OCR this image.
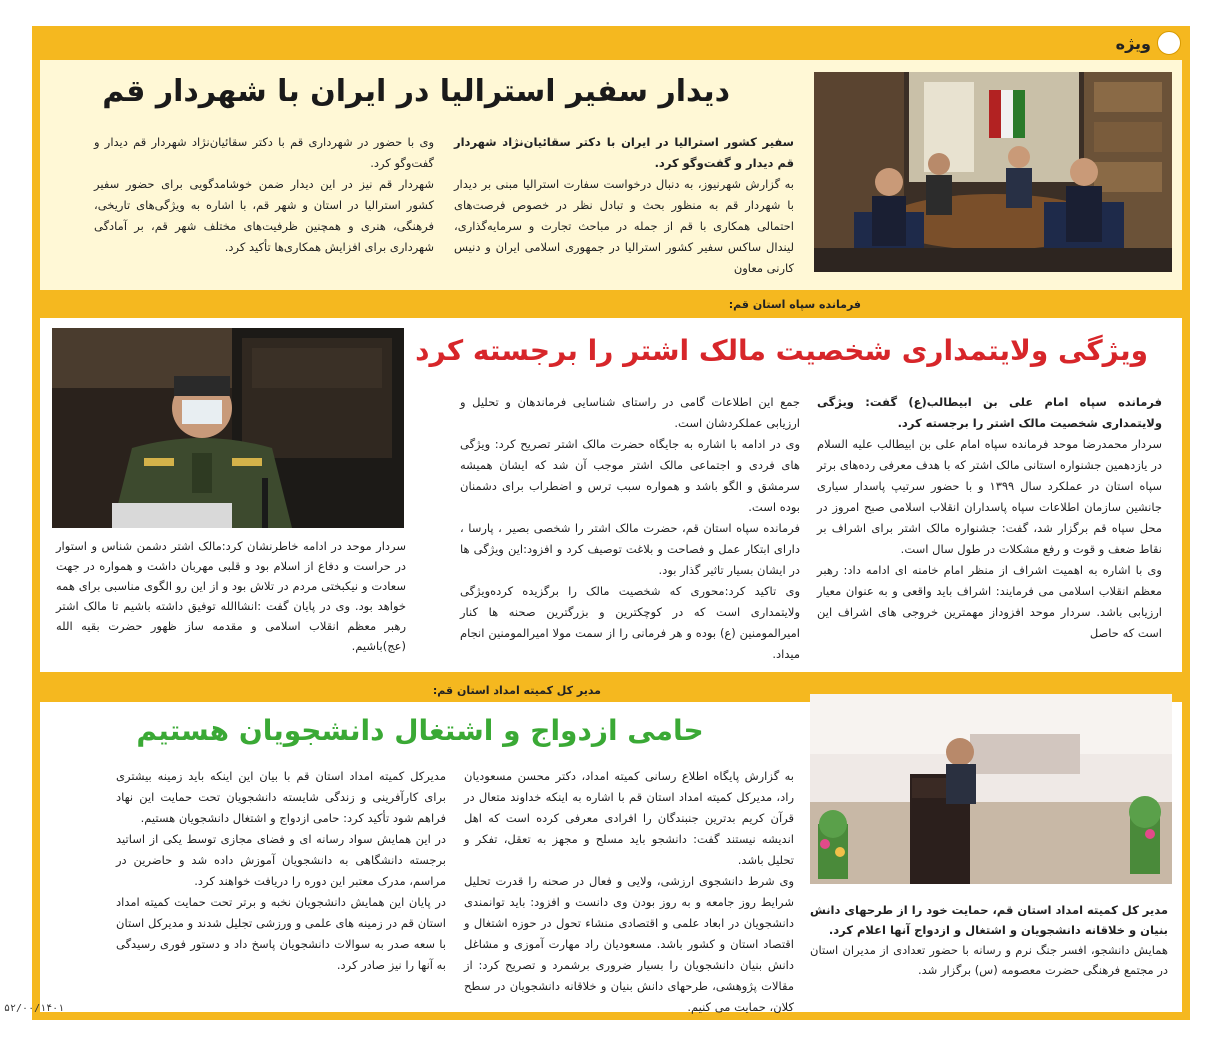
ویژه
دیدار سفیر استرالیا در ایران با شهردار قم

سفیر کشور استرالیا در ایران با دکتر سقائیان‌نژاد شهردار قم دیدار و گفت‌وگو کرد.

به گزارش شهرنیوز، به دنبال درخواست سفارت استرالیا مبنی بر دیدار با شهردار قم به منظور بحث و تبادل نظر در خصوص فرصت‌های احتمالی همکاری با قم از جمله در مباحث تجارت و سرمایه‌گذاری، لیندال ساکس سفیر کشور استرالیا در جمهوری اسلامی ایران و دنیس کارنی معاون

وی با حضور در شهرداری قم با دکتر سقائیان‌نژاد شهردار قم دیدار و گفت‌وگو کرد.

شهردار قم نیز در این دیدار ضمن خوشامدگویی برای حضور سفیر کشور استرالیا در استان و شهر قم، با اشاره به ویژگی‌های تاریخی، فرهنگی، هنری و همچنین ظرفیت‌های مختلف شهر قم، بر آمادگی شهرداری برای افزایش همکاری‌ها تأکید کرد.

فرمانده سپاه استان قم:
ویژگی ولایتمداری شخصیت مالک اشتر را برجسته کرد

فرمانده سپاه امام علی بن ابیطالب(ع) گفت: ویژگی ولایتمداری شخصیت مالک اشتر را برجسته کرد.

سردار محمدرضا موحد فرمانده سپاه امام علی بن ابیطالب علیه السلام در یازدهمین جشنواره استانی مالک اشتر که با هدف معرفی رده‌های برتر سپاه استان در عملکرد سال ۱۳۹۹ و با حضور سرتیپ پاسدار سیاری جانشین سازمان اطلاعات سپاه پاسداران انقلاب اسلامی صبح امروز در محل سپاه قم برگزار شد، گفت: جشنواره مالک اشتر برای اشراف بر نقاط ضعف و قوت و رفع مشکلات در طول سال است.

وی با اشاره به اهمیت اشراف از منظر امام خامنه ای ادامه داد: رهبر معظم انقلاب اسلامی می فرمایند: اشراف باید واقعی و به عنوان معیار ارزیابی باشد. سردار موحد افزوداز مهمترین خروجی های اشراف این است که حاصل

جمع این اطلاعات گامی در راستای شناسایی فرماندهان و تحلیل و ارزیابی عملکردشان است.

وی در ادامه با اشاره به جایگاه حضرت مالک اشتر تصریح کرد: ویژگی های فردی و اجتماعی مالک اشتر موجب آن شد که ایشان همیشه سرمشق و الگو باشد و همواره سبب ترس و اضطراب برای دشمنان بوده است.

فرمانده سپاه استان قم، حضرت مالک اشتر را شخصی بصیر ، پارسا ، دارای ابتکار عمل و فصاحت و بلاغت توصیف کرد و افزود:این ویژگی ها در ایشان بسیار تاثیر گذار بود.

وی تاکید کرد:محوری که شخصیت مالک را برگزیده کرده‌ویژگی ولایتمداری است که در کوچکترین و بزرگترین صحنه ها کنار امیرالمومنین (ع) بوده و هر فرمانی را از سمت مولا امیرالمومنین انجام میداد.

سردار موحد در ادامه خاطرنشان کرد:مالک اشتر دشمن شناس و استوار در حراست و دفاع از اسلام بود و قلبی مهربان داشت و همواره در جهت سعادت و نیکبختی مردم در تلاش بود و از این رو الگوی مناسبی برای همه خواهد بود. وی در پایان گفت :انشاالله توفیق داشته باشیم تا مالک اشتر رهبر معظم انقلاب اسلامی و مقدمه ساز ظهور حضرت بقیه الله (عج)باشیم.
مدیر کل کمیته امداد استان قم:
حامی ازدواج و اشتغال دانشجویان هستیم

مدیر کل کمیته امداد استان قم، حمایت خود را از طرحهای دانش بنیان و خلاقانه دانشجویان و اشتغال و ازدواج آنها اعلام کرد.

همایش دانشجو، افسر جنگ نرم و رسانه با حضور تعدادی از مدیران استان در مجتمع فرهنگی حضرت معصومه (س) برگزار شد.

به گزارش پایگاه اطلاع رسانی کمیته امداد، دکتر محسن مسعودیان راد، مدیرکل کمیته امداد استان قم با اشاره به اینکه خداوند متعال در قرآن کریم بدترین جنبندگان را افرادی معرفی کرده است که اهل اندیشه نیستند گفت: دانشجو باید مسلح و مجهز به تعقل، تفکر و تحلیل باشد.

وی شرط دانشجوی ارزشی، ولایی و فعال در صحنه را قدرت تحلیل شرایط روز جامعه و به روز بودن وی دانست و افزود: باید توانمندی دانشجویان در ابعاد علمی و اقتصادی منشاء تحول در حوزه اشتغال و اقتصاد استان و کشور باشد. مسعودیان راد مهارت آموزی و مشاغل دانش بنیان دانشجویان را بسیار ضروری برشمرد و تصریح کرد: از مقالات پژوهشی، طرحهای دانش بنیان و خلاقانه دانشجویان در سطح کلان، حمایت می کنیم.

مدیرکل کمیته امداد استان قم با بیان این اینکه باید زمینه بیشتری برای کارآفرینی و زندگی شایسته دانشجویان تحت حمایت این نهاد فراهم شود تأکید کرد: حامی ازدواج و اشتغال دانشجویان هستیم.

در این همایش سواد رسانه ای و فضای مجازی توسط یکی از اساتید برجسته دانشگاهی به دانشجویان آموزش داده شد و حاضرین در مراسم، مدرک معتبر این دوره را دریافت خواهند کرد.

در پایان این همایش دانشجویان نخبه و برتر تحت حمایت کمیته امداد استان قم در زمینه های علمی و ورزشی تجلیل شدند و مدیرکل استان با سعه صدر به سوالات دانشجویان پاسخ داد و دستور فوری رسیدگی به آنها را نیز صادر کرد.

۵۲/۰۰/۱۴۰۱
